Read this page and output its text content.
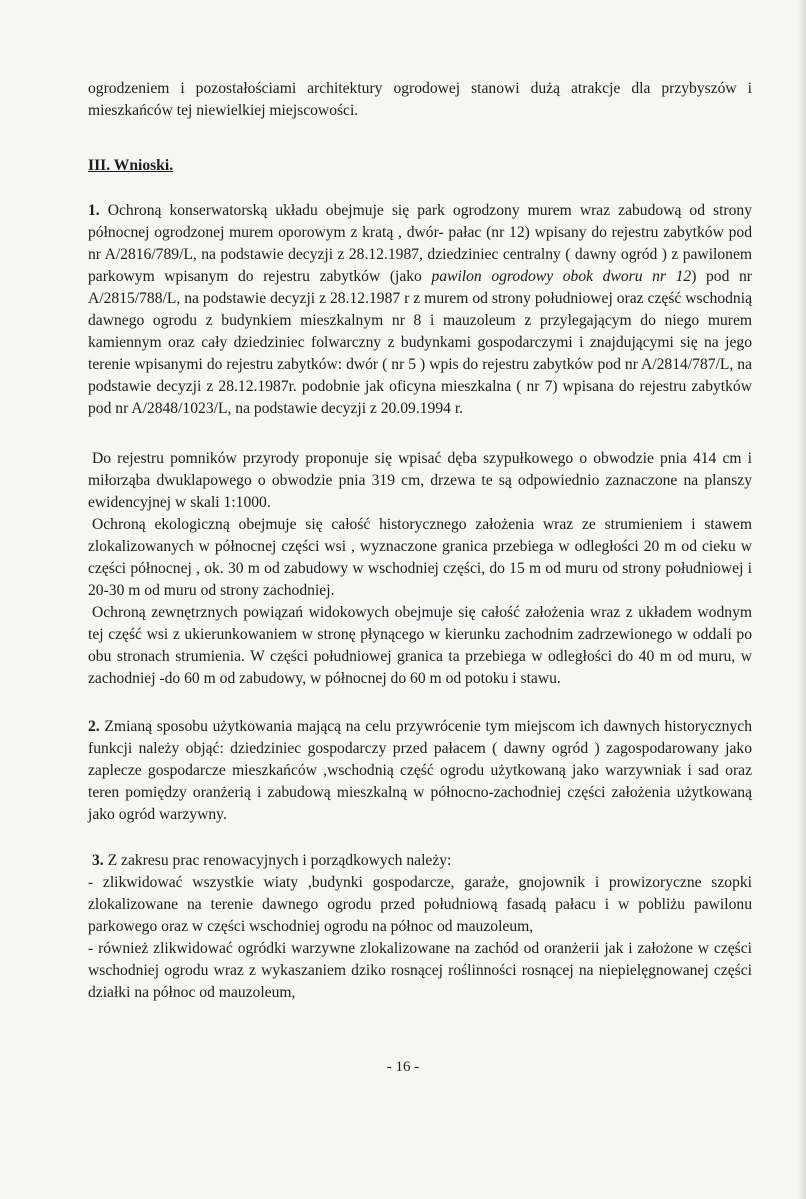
ogrodzeniem i pozostałościami architektury ogrodowej stanowi dużą atrakcje dla przybyszów i mieszkańców tej niewielkiej miejscowości.

III. Wnioski.

1. Ochroną konserwatorską układu obejmuje się park ogrodzony murem wraz zabudową od strony północnej ogrodzonej murem oporowym z kratą , dwór- pałac (nr 12) wpisany do rejestru zabytków pod nr A/2816/789/L, na podstawie decyzji z 28.12.1987, dziedziniec centralny ( dawny ogród ) z pawilonem parkowym wpisanym do rejestru zabytków (jako pawilon ogrodowy obok dworu nr 12) pod nr A/2815/788/L, na podstawie decyzji z 28.12.1987 r z murem od strony południowej oraz część wschodnią dawnego ogrodu z budynkiem mieszkalnym nr 8 i mauzoleum z przylegającym do niego murem kamiennym oraz cały dziedziniec folwarczny z budynkami gospodarczymi i znajdującymi się na jego terenie wpisanymi do rejestru zabytków: dwór ( nr 5 ) wpis do rejestru zabytków pod nr A/2814/787/L, na podstawie decyzji z 28.12.1987r. podobnie jak oficyna mieszkalna ( nr 7) wpisana do rejestru zabytków pod nr A/2848/1023/L, na podstawie decyzji z 20.09.1994 r.

Do rejestru pomników przyrody proponuje się wpisać dęba szypułkowego o obwodzie pnia 414 cm i miłorząba dwuklapowego o obwodzie pnia 319 cm, drzewa te są odpowiednio zaznaczone na planszy ewidencyjnej w skali 1:1000.

Ochroną ekologiczną obejmuje się całość historycznego założenia wraz ze strumieniem i stawem zlokalizowanych w północnej części wsi , wyznaczone granica przebiega w odległości 20 m od cieku w części północnej , ok. 30 m od zabudowy w wschodniej części, do 15 m od muru od strony południowej i 20-30 m od muru od strony zachodniej.

Ochroną zewnętrznych powiązań widokowych obejmuje się całość założenia wraz z układem wodnym tej część wsi z ukierunkowaniem w stronę płynącego w kierunku zachodnim zadrzewionego w oddali po obu stronach strumienia. W części południowej granica ta przebiega w odległości do 40 m od muru, w zachodniej -do 60 m od zabudowy, w północnej do 60 m od potoku i stawu.

2. Zmianą sposobu użytkowania mającą na celu przywrócenie tym miejscom ich dawnych historycznych funkcji należy objąć: dziedziniec gospodarczy przed pałacem ( dawny ogród ) zagospodarowany jako zaplecze gospodarcze mieszkańców ,wschodnią część ogrodu użytkowaną jako warzywniak i sad oraz teren pomiędzy oranżerią i zabudową mieszkalną w północno-zachodniej części założenia użytkowaną jako ogród warzywny.

3. Z zakresu prac renowacyjnych i porządkowych należy:

- zlikwidować wszystkie wiaty ,budynki gospodarcze, garaże, gnojownik i prowizoryczne szopki zlokalizowane na terenie dawnego ogrodu przed południową fasadą pałacu i w pobliżu pawilonu parkowego oraz w części wschodniej ogrodu na północ od mauzoleum,

- również zlikwidować ogródki warzywne zlokalizowane na zachód od oranżerii jak i założone w części wschodniej ogrodu wraz z wykaszaniem dziko rosnącej roślinności rosnącej na niepielęgnowanej części działki na północ od mauzoleum,

- 16 -
